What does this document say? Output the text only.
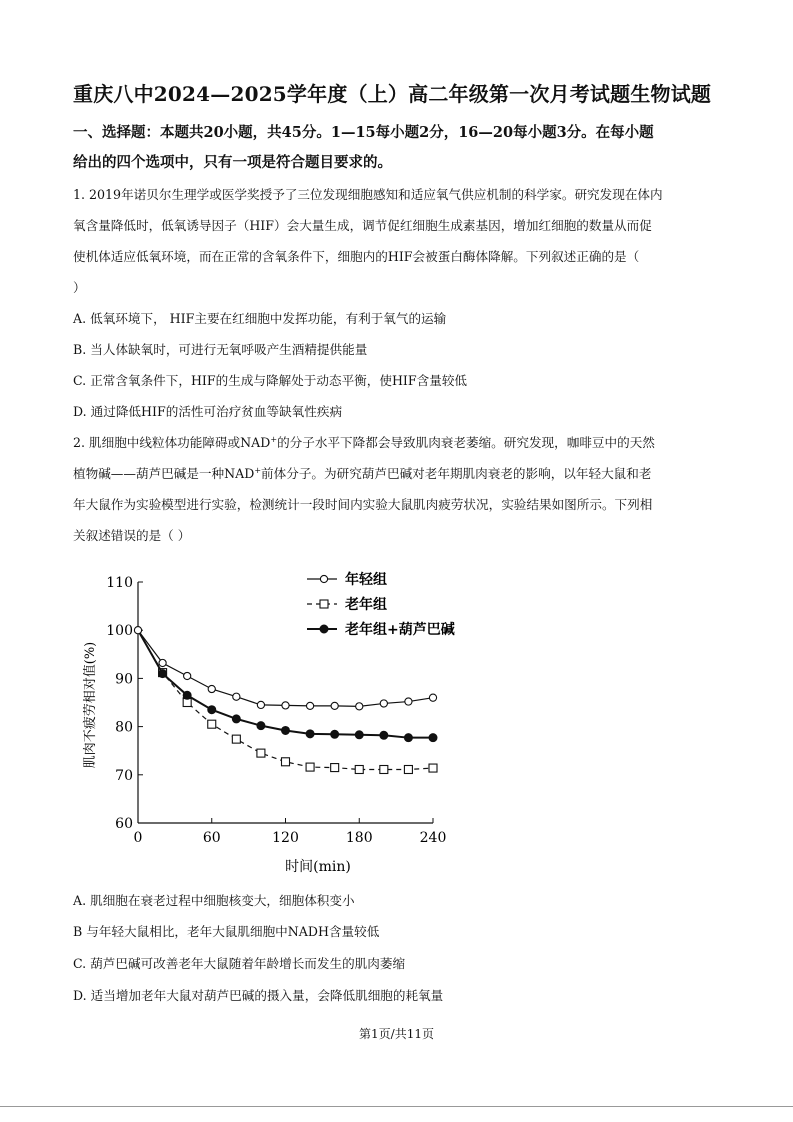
重庆八中2024—2025学年度（上）高二年级第一次月考试题生物试题
一、选择题：本题共20小题，共45分。1—15每小题2分，16—20每小题3分。在每小题
给出的四个选项中，只有一项是符合题目要求的。
1. 2019年诺贝尔生理学或医学奖授予了三位发现细胞感知和适应氧气供应机制的科学家。研究发现在体内
氧含量降低时，低氧诱导因子（HIF）会大量生成，调节促红细胞生成素基因，增加红细胞的数量从而促
使机体适应低氧环境，而在正常的含氧条件下，细胞内的HIF会被蛋白酶体降解。下列叙述正确的是（
）
A. 低氧环境下， HIF主要在红细胞中发挥功能，有利于氧气的运输
B. 当人体缺氧时，可进行无氧呼吸产生酒精提供能量
C. 正常含氧条件下，HIF的生成与降解处于动态平衡，使HIF含量较低
D. 通过降低HIF的活性可治疗贫血等缺氧性疾病
2. 肌细胞中线粒体功能障碍或NAD+的分子水平下降都会导致肌肉衰老萎缩。研究发现，咖啡豆中的天然
植物碱——葫芦巴碱是一种NAD+前体分子。为研究葫芦巴碱对老年期肌肉衰老的影响，以年轻大鼠和老
年大鼠作为实验模型进行实验，检测统计一段时间内实验大鼠肌肉疲劳状况，实验结果如图所示。下列相
关叙述错误的是（ ）
60
70
80
90
100
110
0	60	120	180	240
年轻组
老年组
老年组+葫芦巴碱
肌肉不疲劳相对值(%)
时间(min)
A. 肌细胞在衰老过程中细胞核变大，细胞体积变小
B 与年轻大鼠相比，老年大鼠肌细胞中NADH含量较低
C. 葫芦巴碱可改善老年大鼠随着年龄增长而发生的肌肉萎缩
D. 适当增加老年大鼠对葫芦巴碱的摄入量，会降低肌细胞的耗氧量
第1页/共11页
